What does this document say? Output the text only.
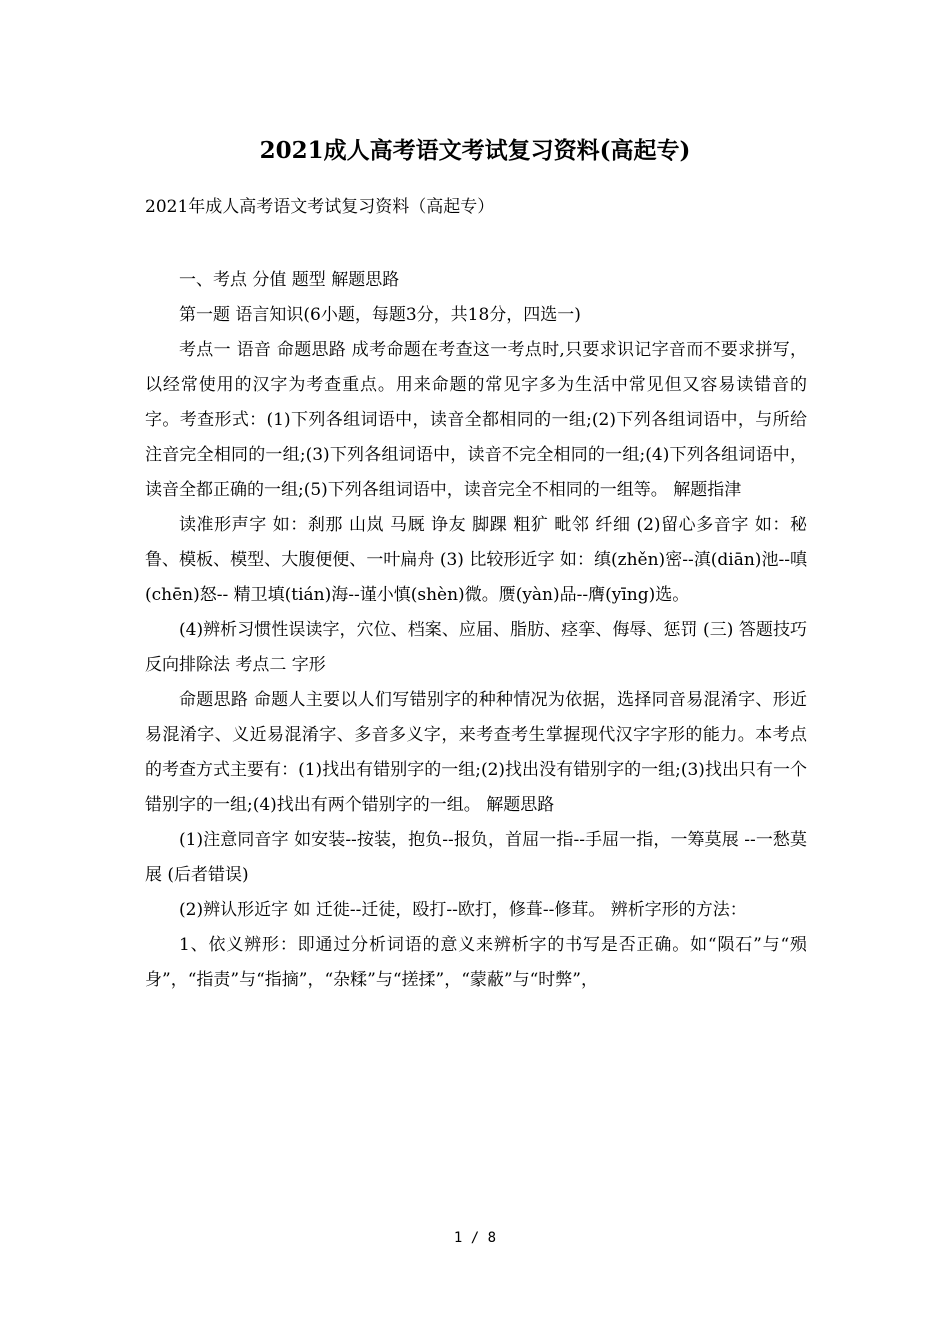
2021成人高考语文考试复习资料(高起专)
2021年成人高考语文考试复习资料（高起专）

一、考点 分值 题型 解题思路

第一题 语言知识(6小题，每题3分，共18分，四选一)

考点一 语音 命题思路 成考命题在考查这一考点时,只要求识记字音而不要求拼写，以经常使用的汉字为考查重点。用来命题的常见字多为生活中常见但又容易读错音的字。考查形式：(1)下列各组词语中，读音全都相同的一组;(2)下列各组词语中，与所给注音完全相同的一组;(3)下列各组词语中，读音不完全相同的一组;(4)下列各组词语中，读音全都正确的一组;(5)下列各组词语中，读音完全不相同的一组等。 解题指津

读准形声字 如：刹那 山岚 马厩 诤友 脚踝 粗犷 毗邻 纤细 (2)留心多音字 如：秘鲁、模板、模型、大腹便便、一叶扁舟 (3) 比较形近字 如：缜(zhěn)密--滇(diān)池--嗔(chēn)怒-- 精卫填(tián)海--谨小慎(shèn)微。赝(yàn)品--膺(yīng)选。

(4)辨析习惯性误读字，穴位、档案、应届、脂肪、痉挛、侮辱、惩罚 (三) 答题技巧 反向排除法 考点二 字形

命题思路 命题人主要以人们写错别字的种种情况为依据，选择同音易混淆字、形近易混淆字、义近易混淆字、多音多义字，来考查考生掌握现代汉字字形的能力。本考点的考查方式主要有：(1)找出有错别字的一组;(2)找出没有错别字的一组;(3)找出只有一个错别字的一组;(4)找出有两个错别字的一组。 解题思路

(1)注意同音字 如安装--按装，抱负--报负，首屈一指--手屈一指，一筹莫展 --一愁莫展 (后者错误)

(2)辨认形近字 如 迁徙--迁徒，殴打--欧打，修葺--修茸。 辨析字形的方法：

1、依义辨形：即通过分析词语的意义来辨析字的书写是否正确。如“陨石”与“殒身”，“指责”与“指摘”，“杂糅”与“搓揉”，“蒙蔽”与“时弊”，

1 / 8
